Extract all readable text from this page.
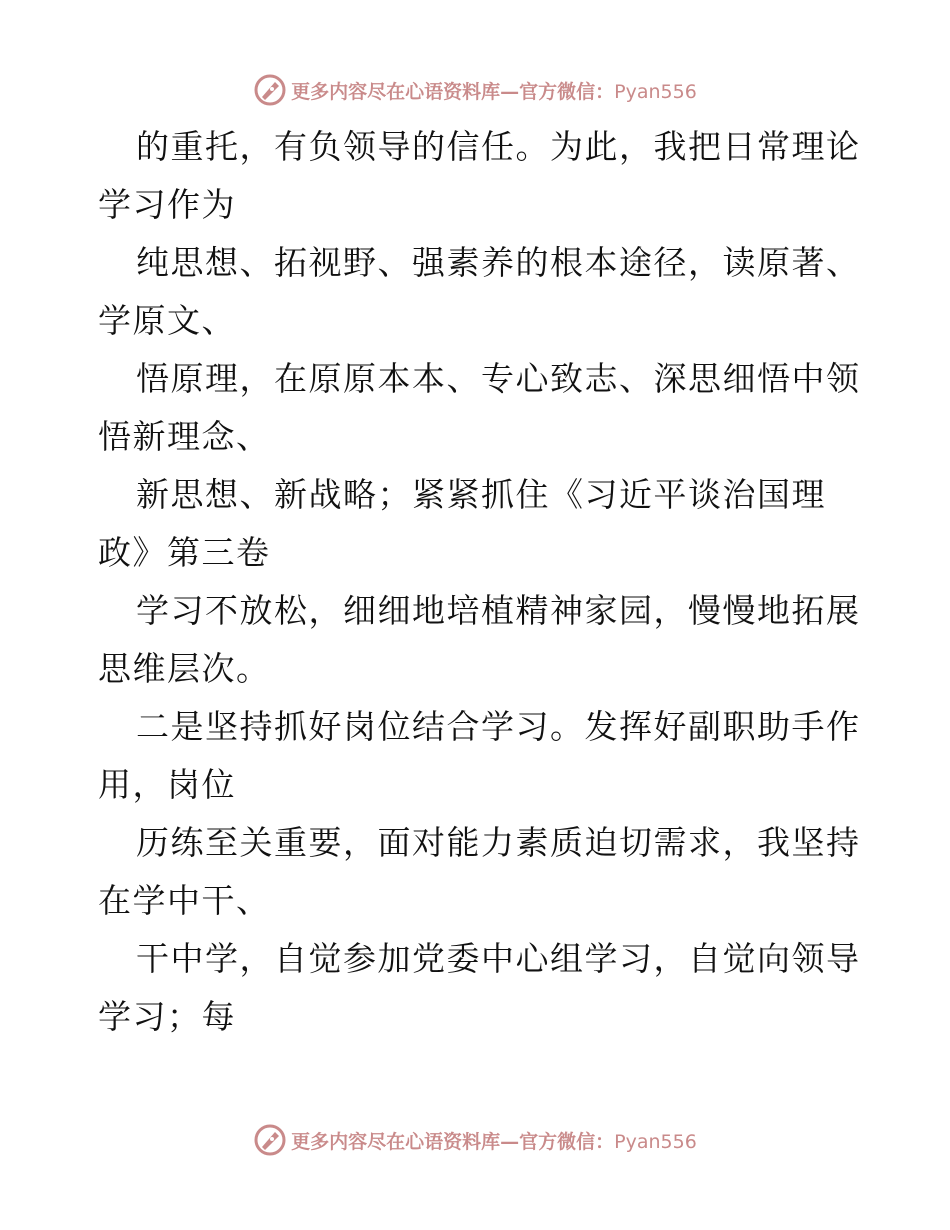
更多内容尽在心语资料库—官方微信：Pyan556

的重托，有负领导的信任。为此，我把日常理论
学习作为

纯思想、拓视野、强素养的根本途径，读原著、
学原文、

悟原理，在原原本本、专心致志、深思细悟中领
悟新理念、

新思想、新战略；紧紧抓住《习近平谈治国理
政》第三卷

学习不放松，细细地培植精神家园，慢慢地拓展
思维层次。

二是坚持抓好岗位结合学习。发挥好副职助手作
用，岗位

历练至关重要，面对能力素质迫切需求，我坚持
在学中干、

干中学，自觉参加党委中心组学习，自觉向领导
学习；每

更多内容尽在心语资料库—官方微信：Pyan556
